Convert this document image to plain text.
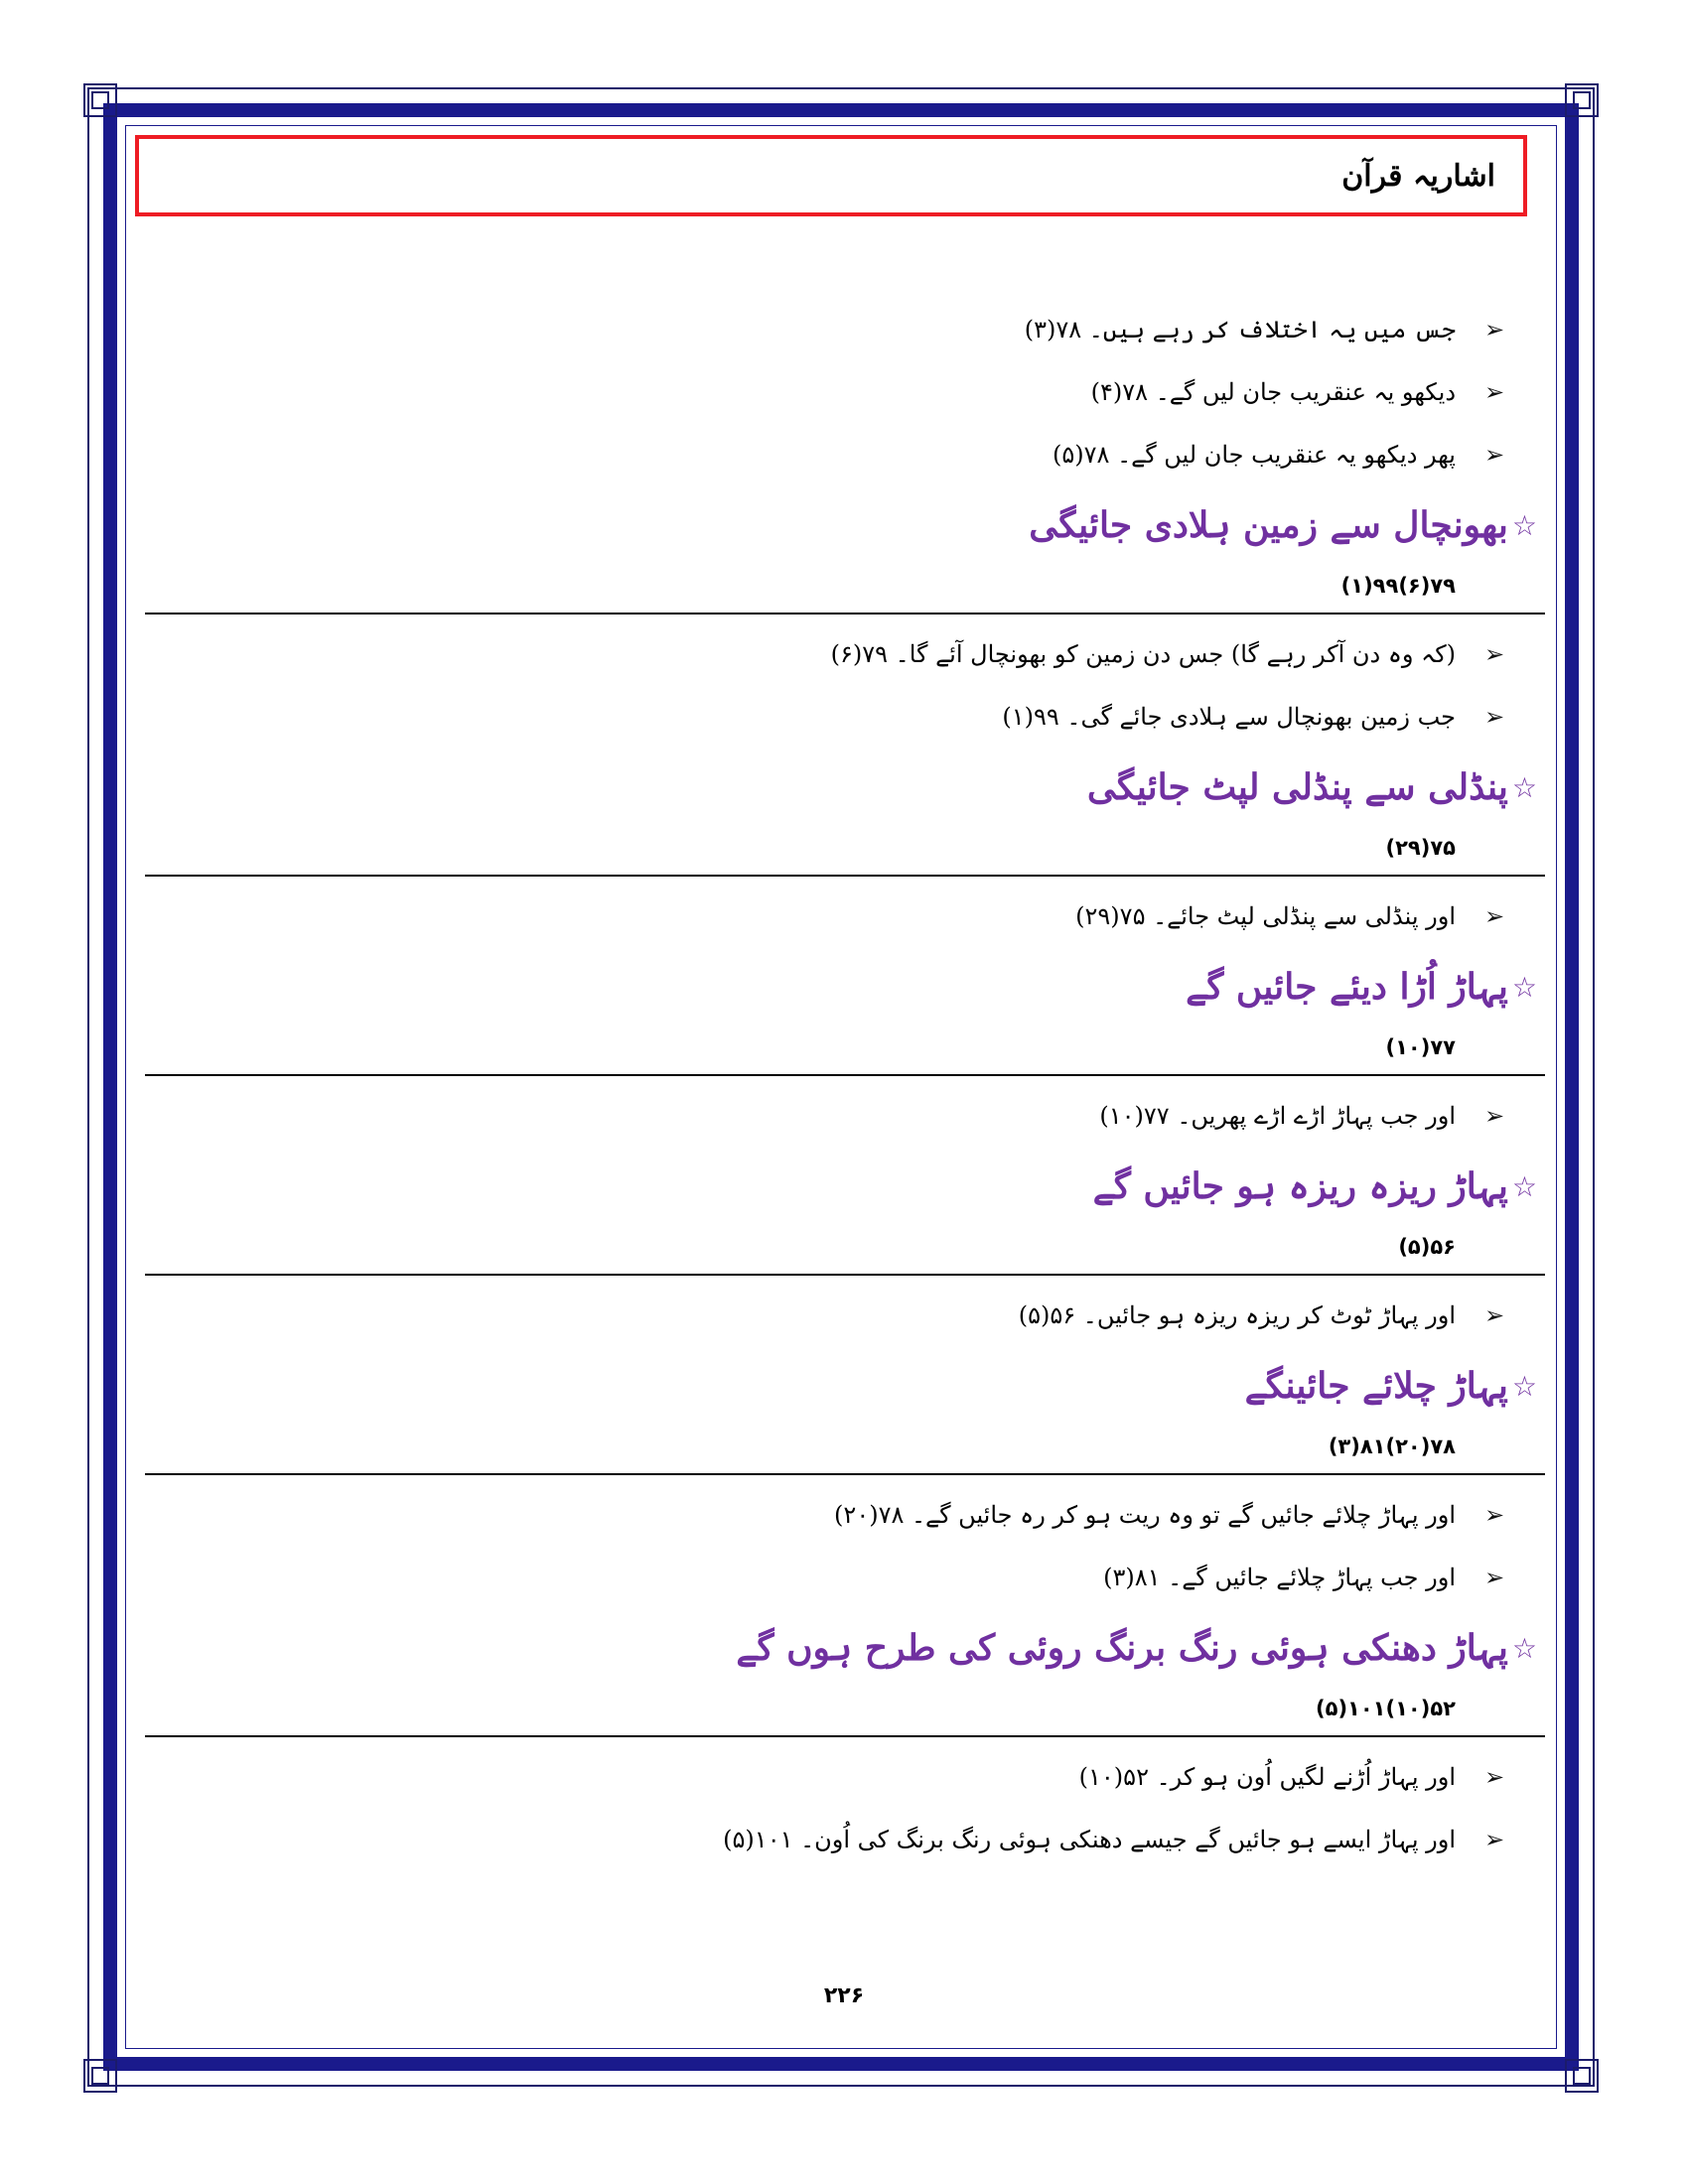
اشاریہ قرآن
➢
جس میں یہ اختلاف کر رہے ہیں۔ ۷۸(۳)
➢
دیکھو یہ عنقریب جان لیں گے۔ ۷۸(۴)
➢
پھر دیکھو یہ عنقریب جان لیں گے۔ ۷۸(۵)
☆
بھونچال سے زمین ہلادی جائیگی
۷۹(۶)۹۹(۱)
➢
(کہ وہ دن آکر رہے گا) جس دن زمین کو بھونچال آئے گا۔ ۷۹(۶)
➢
جب زمین بھونچال سے ہلادی جائے گی۔ ۹۹(۱)
☆
پنڈلی سے پنڈلی لپٹ جائیگی
۷۵(۲۹)
➢
اور پنڈلی سے پنڈلی لپٹ جائے۔ ۷۵(۲۹)
☆
پہاڑ اُڑا دیئے جائیں گے
۷۷(۱۰)
➢
اور جب پہاڑ اڑے اڑے پھریں۔ ۷۷(۱۰)
☆
پہاڑ ریزہ ریزہ ہو جائیں گے
۵۶(۵)
➢
اور پہاڑ ٹوٹ کر ریزہ ریزہ ہو جائیں۔ ۵۶(۵)
☆
پہاڑ چلائے جائینگے
۷۸(۲۰)۸۱(۳)
➢
اور پہاڑ چلائے جائیں گے تو وہ ریت ہو کر رہ جائیں گے۔ ۷۸(۲۰)
➢
اور جب پہاڑ چلائے جائیں گے۔ ۸۱(۳)
☆
پہاڑ دھنکی ہوئی رنگ برنگ روئی کی طرح ہوں گے
۵۲(۱۰)۱۰۱(۵)
➢
اور پہاڑ اُڑنے لگیں اُون ہو کر۔ ۵۲(۱۰)
➢
اور پہاڑ ایسے ہو جائیں گے جیسے دھنکی ہوئی رنگ برنگ کی اُون۔ ۱۰۱(۵)
۲۲۶
